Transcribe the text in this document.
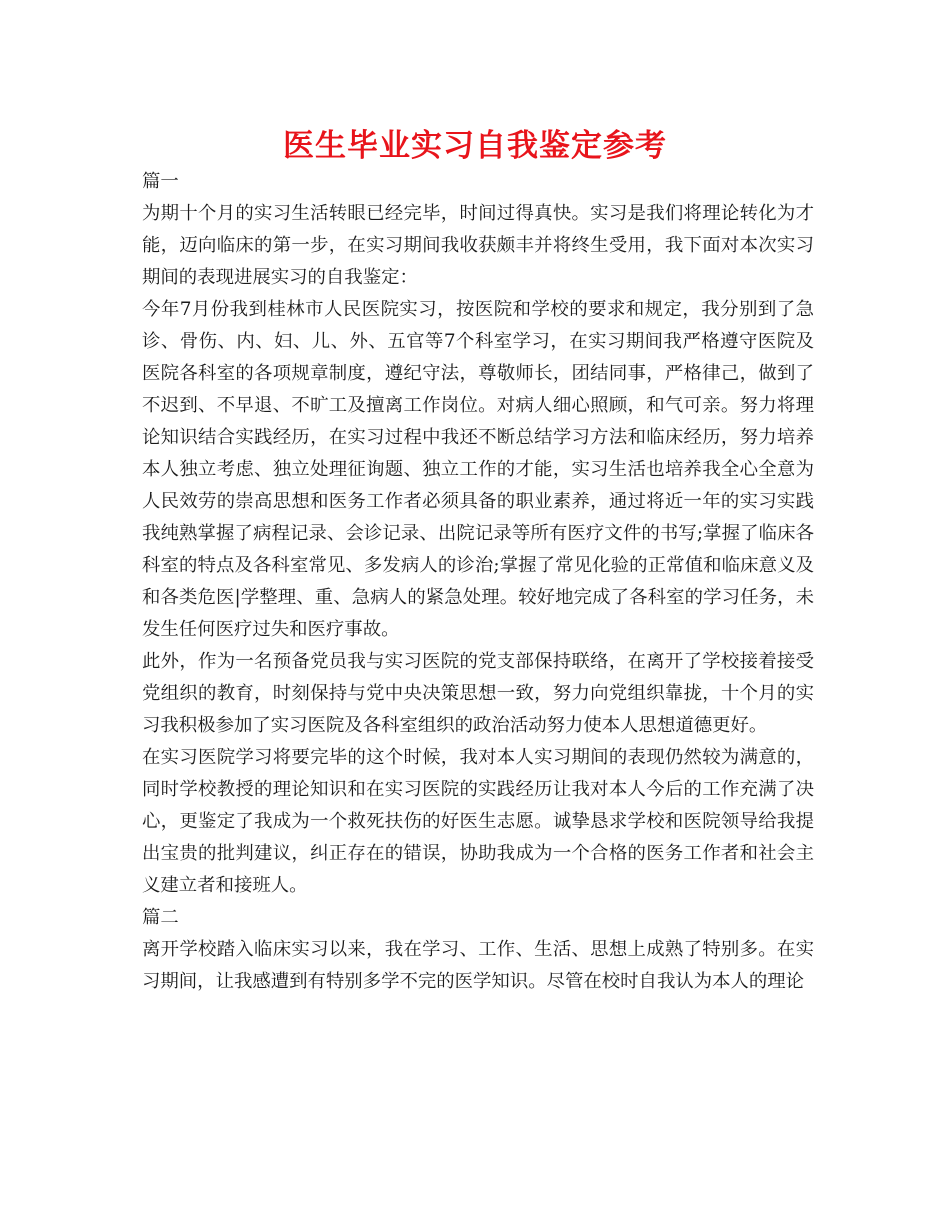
医生毕业实习自我鉴定参考

篇一

为期十个月的实习生活转眼已经完毕，时间过得真快。实习是我们将理论转化为才能，迈向临床的第一步，在实习期间我收获颇丰并将终生受用，我下面对本次实习期间的表现进展实习的自我鉴定：

今年7月份我到桂林市人民医院实习，按医院和学校的要求和规定，我分别到了急诊、骨伤、内、妇、儿、外、五官等7个科室学习，在实习期间我严格遵守医院及医院各科室的各项规章制度，遵纪守法，尊敬师长，团结同事，严格律己，做到了不迟到、不早退、不旷工及擅离工作岗位。对病人细心照顾，和气可亲。努力将理论知识结合实践经历，在实习过程中我还不断总结学习方法和临床经历，努力培养本人独立考虑、独立处理征询题、独立工作的才能，实习生活也培养我全心全意为人民效劳的崇高思想和医务工作者必须具备的职业素养，通过将近一年的实习实践我纯熟掌握了病程记录、会诊记录、出院记录等所有医疗文件的书写;掌握了临床各科室的特点及各科室常见、多发病人的诊治;掌握了常见化验的正常值和临床意义及和各类危医|学整理、重、急病人的紧急处理。较好地完成了各科室的学习任务，未发生任何医疗过失和医疗事故。

此外，作为一名预备党员我与实习医院的党支部保持联络，在离开了学校接着接受党组织的教育，时刻保持与党中央决策思想一致，努力向党组织靠拢，十个月的实习我积极参加了实习医院及各科室组织的政治活动努力使本人思想道德更好。

在实习医院学习将要完毕的这个时候，我对本人实习期间的表现仍然较为满意的，同时学校教授的理论知识和在实习医院的实践经历让我对本人今后的工作充满了决心，更鉴定了我成为一个救死扶伤的好医生志愿。诚挚恳求学校和医院领导给我提出宝贵的批判建议，纠正存在的错误，协助我成为一个合格的医务工作者和社会主义建立者和接班人。

篇二

离开学校踏入临床实习以来，我在学习、工作、生活、思想上成熟了特别多。在实习期间，让我感遭到有特别多学不完的医学知识。尽管在校时自我认为本人的理论
